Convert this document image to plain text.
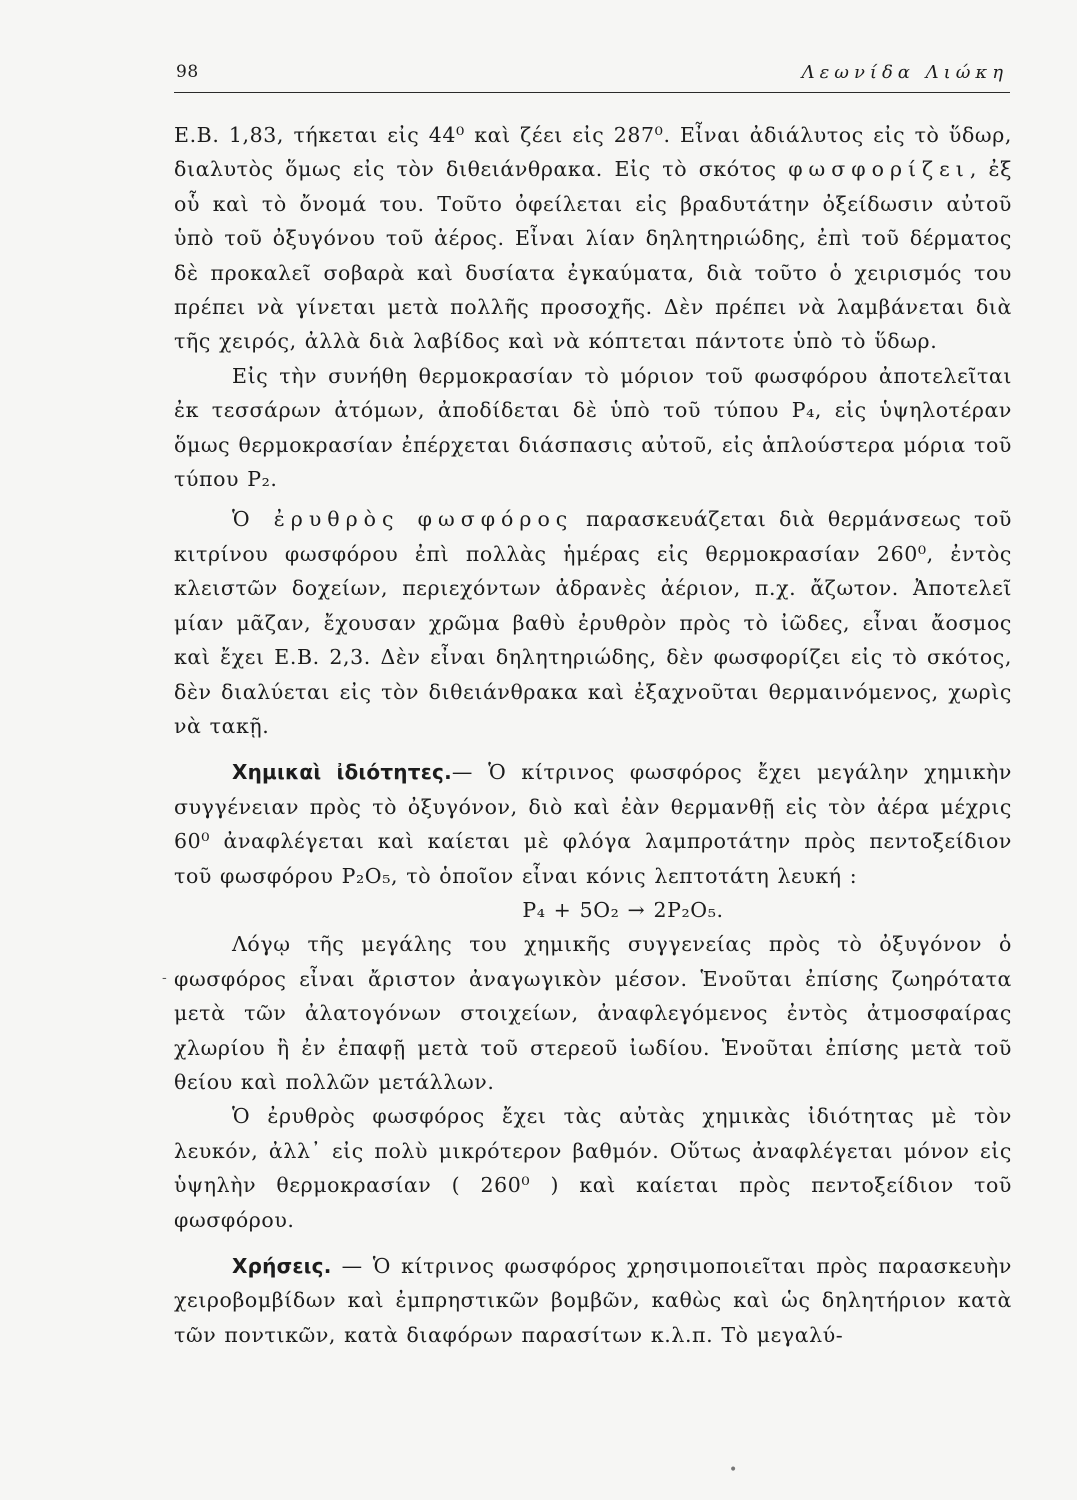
98	Λεωνίδα Λιώκη

Ε.Β. 1,83, τήκεται εἰς 44⁰ καὶ ζέει εἰς 287⁰. Εἶναι ἀδιάλυτος εἰς τὸ ὕδωρ, διαλυτὸς ὅμως εἰς τὸν διθειάνθρακα. Εἰς τὸ σκότος φωσφορίζει, ἐξ οὗ καὶ τὸ ὄνομά του. Τοῦτο ὀφείλεται εἰς βραδυτάτην ὀξείδωσιν αὐτοῦ ὑπὸ τοῦ ὀξυγόνου τοῦ ἀέρος. Εἶναι λίαν δηλητηριώδης, ἐπὶ τοῦ δέρματος δὲ προκαλεῖ σοβαρὰ καὶ δυσίατα ἐγκαύματα, διὰ τοῦτο ὁ χειρισμός του πρέπει νὰ γίνεται μετὰ πολλῆς προσοχῆς. Δὲν πρέπει νὰ λαμβάνεται διὰ τῆς χειρός, ἀλλὰ διὰ λαβίδος καὶ νὰ κόπτεται πάντοτε ὑπὸ τὸ ὕδωρ.

Εἰς τὴν συνήθη θερμοκρασίαν τὸ μόριον τοῦ φωσφόρου ἀποτελεῖται ἐκ τεσσάρων ἀτόμων, ἀποδίδεται δὲ ὑπὸ τοῦ τύπου P₄, εἰς ὑψηλοτέραν ὅμως θερμοκρασίαν ἐπέρχεται διάσπασις αὐτοῦ, εἰς ἁπλούστερα μόρια τοῦ τύπου P₂.

Ὁ ἐρυθρὸς φωσφόρος παρασκευάζεται διὰ θερμάνσεως τοῦ κιτρίνου φωσφόρου ἐπὶ πολλὰς ἡμέρας εἰς θερμοκρασίαν 260⁰, ἐντὸς κλειστῶν δοχείων, περιεχόντων ἀδρανὲς ἀέριον, π.χ. ἄζωτον. Ἀποτελεῖ μίαν μᾶζαν, ἔχουσαν χρῶμα βαθὺ ἐρυθρὸν πρὸς τὸ ἰῶδες, εἶναι ἄοσμος καὶ ἔχει Ε.Β. 2,3. Δὲν εἶναι δηλητηριώδης, δὲν φωσφορίζει εἰς τὸ σκότος, δὲν διαλύεται εἰς τὸν διθειάνθρακα καὶ ἐξαχνοῦται θερμαινόμενος, χωρὶς νὰ τακῇ.

Χημικαὶ ἰδιότητες.— Ὁ κίτρινος φωσφόρος ἔχει μεγάλην χημικὴν συγγένειαν πρὸς τὸ ὀξυγόνον, διὸ καὶ ἐὰν θερμανθῇ εἰς τὸν ἀέρα μέχρις 60⁰ ἀναφλέγεται καὶ καίεται μὲ φλόγα λαμπροτάτην πρὸς πεντοξείδιον τοῦ φωσφόρου P₂O₅, τὸ ὁποῖον εἶναι κόνις λεπτοτάτη λευκή :

P₄ + 5O₂ → 2P₂O₅.

Λόγῳ τῆς μεγάλης του χημικῆς συγγενείας πρὸς τὸ ὀξυγόνον ὁ φωσφόρος εἶναι ἄριστον ἀναγωγικὸν μέσον. Ἑνοῦται ἐπίσης ζωηρότατα μετὰ τῶν ἀλατογόνων στοιχείων, ἀναφλεγόμενος ἐντὸς ἀτμοσφαίρας χλωρίου ἢ ἐν ἐπαφῇ μετὰ τοῦ στερεοῦ ἰωδίου. Ἑνοῦται ἐπίσης μετὰ τοῦ θείου καὶ πολλῶν μετάλλων.

Ὁ ἐρυθρὸς φωσφόρος ἔχει τὰς αὐτὰς χημικὰς ἰδιότητας μὲ τὸν λευκόν, ἀλλ᾽ εἰς πολὺ μικρότερον βαθμόν. Οὕτως ἀναφλέγεται μόνον εἰς ὑψηλὴν θερμοκρασίαν ( 260⁰ ) καὶ καίεται πρὸς πεντοξείδιον τοῦ φωσφόρου.

Χρήσεις. — Ὁ κίτρινος φωσφόρος χρησιμοποιεῖται πρὸς παρασκευὴν χειροβομβίδων καὶ ἐμπρηστικῶν βομβῶν, καθὼς καὶ ὡς δηλητήριον κατὰ τῶν ποντικῶν, κατὰ διαφόρων παρασίτων κ.λ.π. Τὸ μεγαλύ-

-
•
